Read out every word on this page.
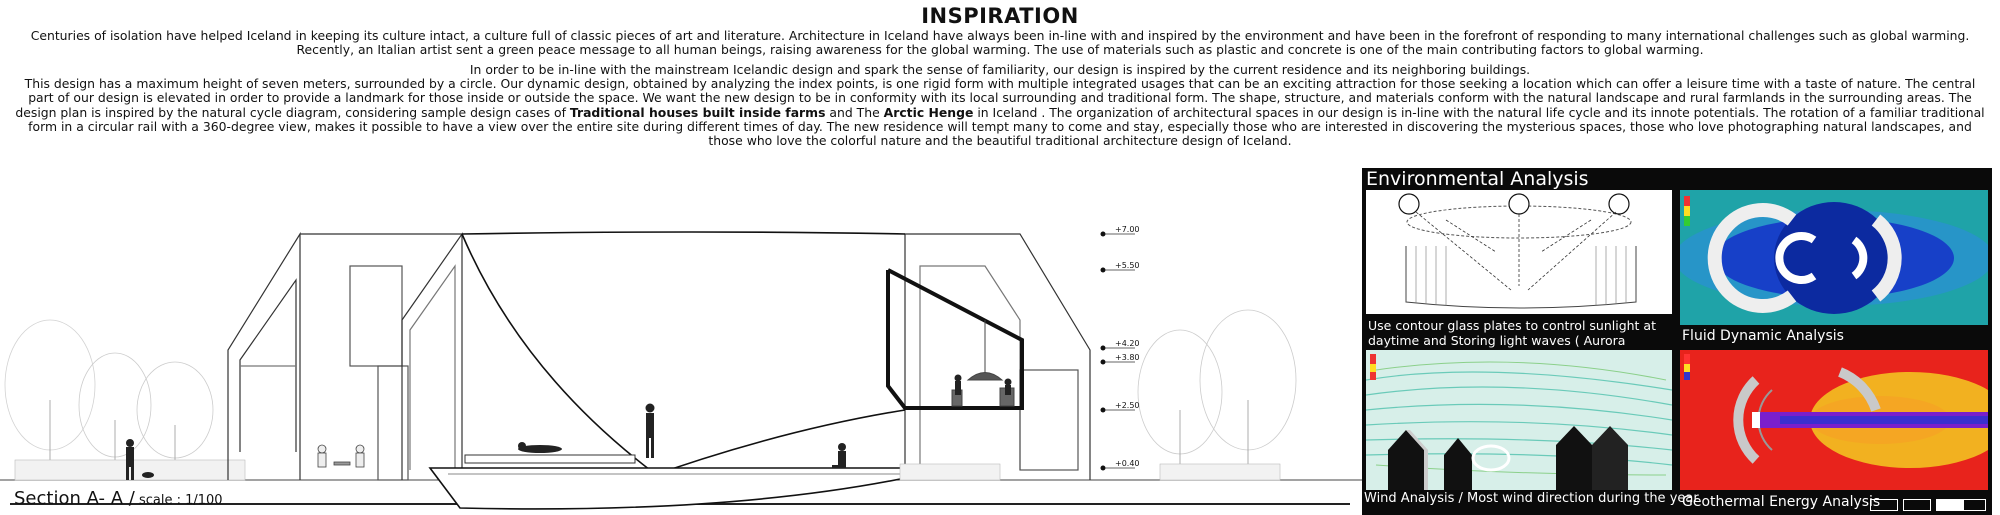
INSPIRATION

Centuries of isolation have helped Iceland in keeping its culture intact, a culture full of classic pieces of art and literature. Architecture in Iceland have always been in-line with and inspired by the environment and have been in the forefront of responding to many international challenges such as global warming. Recently, an Italian artist sent a green peace message to all human beings, raising awareness for the global warming. The use of materials such as plastic and concrete is one of the main contributing factors to global warming.

In order to be in-line with the mainstream Icelandic design and spark the sense of familiarity, our design is inspired by the current residence and its neighboring buildings.

This design has a maximum height of seven meters, surrounded by a circle. Our dynamic design, obtained by analyzing the index points, is one rigid form with multiple integrated usages that can be an exciting attraction for those seeking a location which can offer a leisure time with a taste of nature. The central part of our design is elevated in order to provide a landmark for those inside or outside the space. We want the new design to be in conformity with its local surrounding and traditional form. The shape, structure, and materials conform with the natural landscape and rural farmlands in the surrounding areas. The design plan is inspired by the natural cycle diagram, considering sample design cases of Traditional houses built inside farms and The Arctic Henge in Iceland . The organization of architectural spaces in our design is in-line with the natural life cycle and its innote potentials. The rotation of a familiar traditional form in a circular rail with a 360-degree view, makes it possible to have a view over the entire site during different times of day. The new residence will tempt many to come and stay, especially those who are interested in discovering the mysterious spaces, those who love photographing natural landscapes, and those who love the colorful nature and the beautiful traditional architecture design of Iceland.

+7.00
+5.50
+4.20
+3.80
+2.50
+0.40
Section A- A / scale : 1/100
Environmental Analysis
Use contour glass plates to control sunlight at daytime and Storing light waves ( Aurora	Fluid Dynamic Analysis
Wind Analysis / Most wind direction during the year
Geothermal Energy Analysis
